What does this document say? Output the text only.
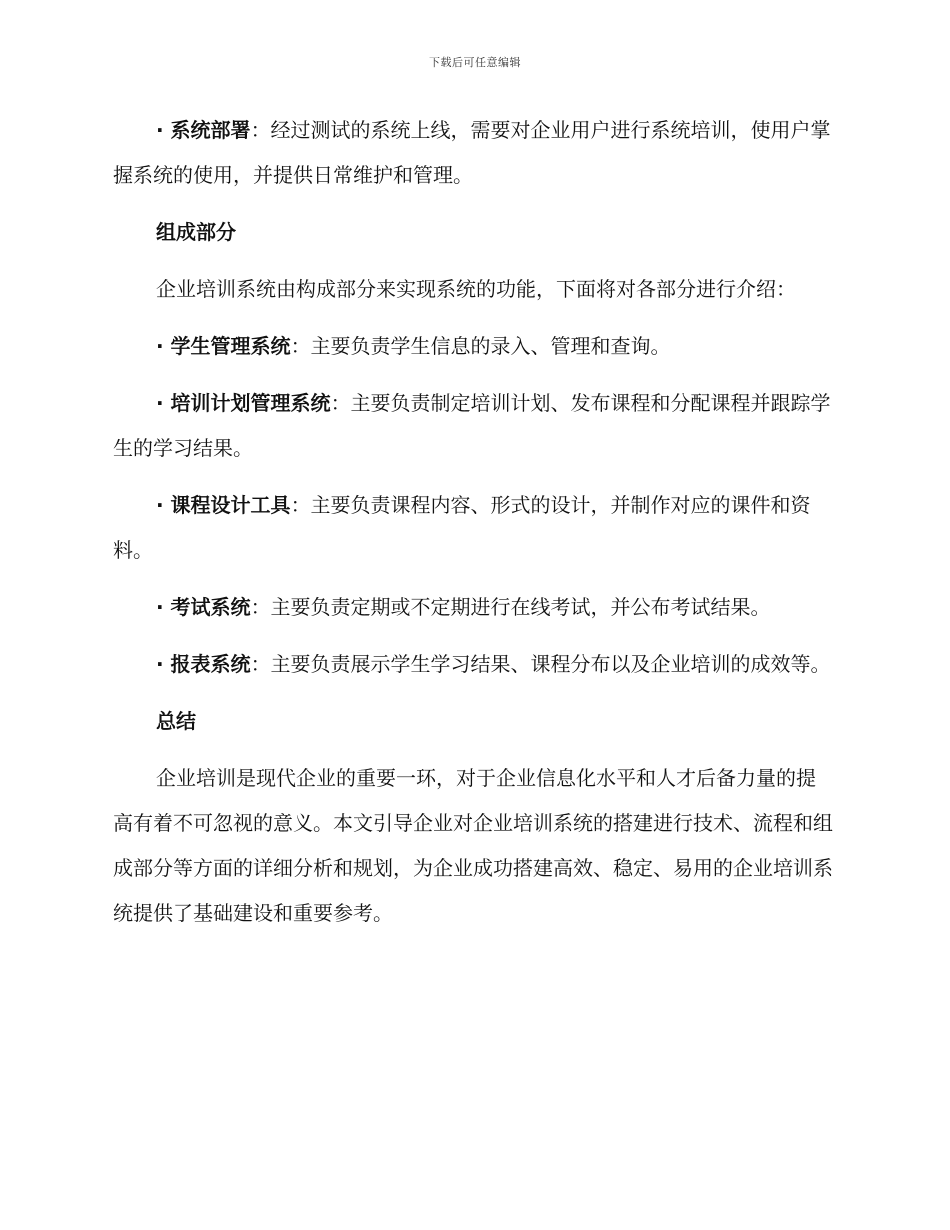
下载后可任意编辑

· 系统部署：经过测试的系统上线，需要对企业用户进行系统培训，使用户掌握系统的使用，并提供日常维护和管理。

组成部分

企业培训系统由构成部分来实现系统的功能，下面将对各部分进行介绍：

· 学生管理系统：主要负责学生信息的录入、管理和查询。

· 培训计划管理系统：主要负责制定培训计划、发布课程和分配课程并跟踪学生的学习结果。

· 课程设计工具：主要负责课程内容、形式的设计，并制作对应的课件和资料。

· 考试系统：主要负责定期或不定期进行在线考试，并公布考试结果。

· 报表系统：主要负责展示学生学习结果、课程分布以及企业培训的成效等。

总结

企业培训是现代企业的重要一环，对于企业信息化水平和人才后备力量的提高有着不可忽视的意义。本文引导企业对企业培训系统的搭建进行技术、流程和组成部分等方面的详细分析和规划，为企业成功搭建高效、稳定、易用的企业培训系统提供了基础建设和重要参考。
